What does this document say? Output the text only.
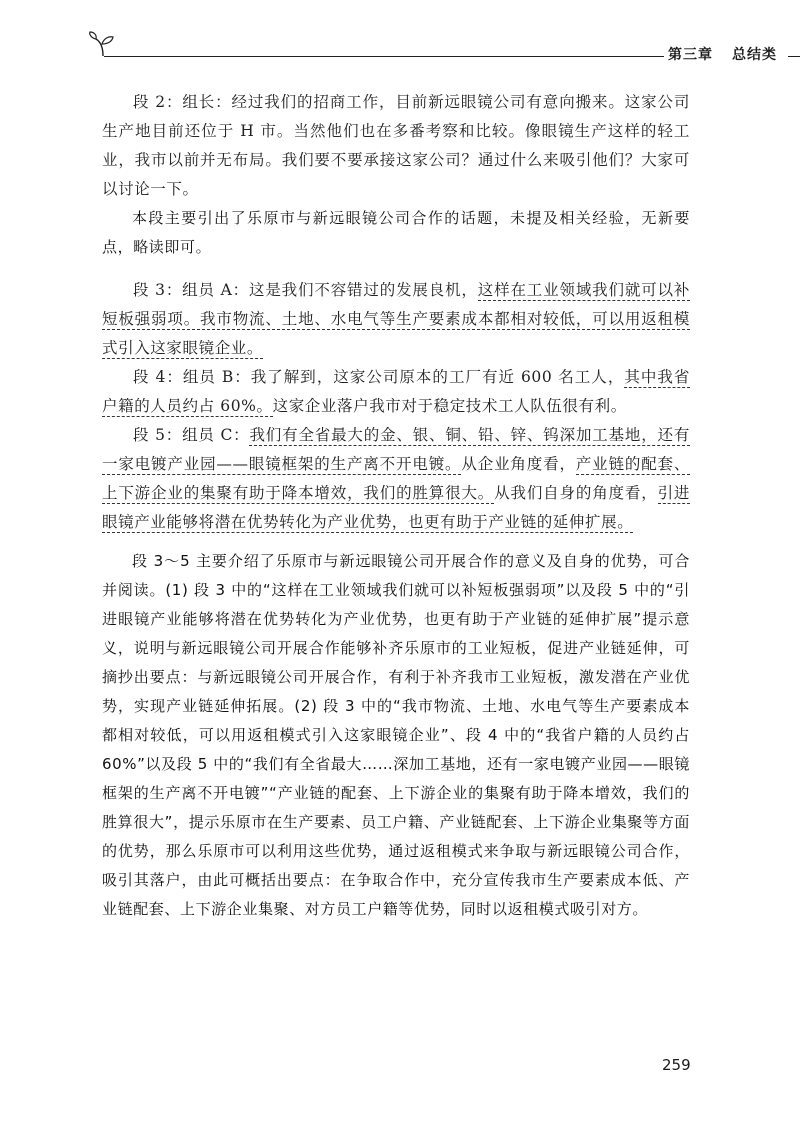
第三章 总结类

段 2：组长：经过我们的招商工作，目前新远眼镜公司有意向搬来。这家公司生产地目前还位于 H 市。当然他们也在多番考察和比较。像眼镜生产这样的轻工业，我市以前并无布局。我们要不要承接这家公司？通过什么来吸引他们？大家可以讨论一下。

本段主要引出了乐原市与新远眼镜公司合作的话题，未提及相关经验，无新要点，略读即可。

段 3：组员 A：这是我们不容错过的发展良机，这样在工业领域我们就可以补短板强弱项。我市物流、土地、水电气等生产要素成本都相对较低，可以用返租模式引入这家眼镜企业。

段 4：组员 B：我了解到，这家公司原本的工厂有近 600 名工人，其中我省户籍的人员约占 60%。这家企业落户我市对于稳定技术工人队伍很有利。

段 5：组员 C：我们有全省最大的金、银、铜、铅、锌、钨深加工基地，还有一家电镀产业园——眼镜框架的生产离不开电镀。从企业角度看，产业链的配套、上下游企业的集聚有助于降本增效，我们的胜算很大。从我们自身的角度看，引进眼镜产业能够将潜在优势转化为产业优势，也更有助于产业链的延伸扩展。

段 3～5 主要介绍了乐原市与新远眼镜公司开展合作的意义及自身的优势，可合并阅读。(1) 段 3 中的“这样在工业领域我们就可以补短板强弱项”以及段 5 中的“引进眼镜产业能够将潜在优势转化为产业优势，也更有助于产业链的延伸扩展”提示意义，说明与新远眼镜公司开展合作能够补齐乐原市的工业短板，促进产业链延伸，可摘抄出要点：与新远眼镜公司开展合作，有利于补齐我市工业短板，激发潜在产业优势，实现产业链延伸拓展。(2) 段 3 中的“我市物流、土地、水电气等生产要素成本都相对较低，可以用返租模式引入这家眼镜企业”、段 4 中的“我省户籍的人员约占 60%”以及段 5 中的“我们有全省最大……深加工基地，还有一家电镀产业园——眼镜框架的生产离不开电镀”“产业链的配套、上下游企业的集聚有助于降本增效，我们的胜算很大”，提示乐原市在生产要素、员工户籍、产业链配套、上下游企业集聚等方面的优势，那么乐原市可以利用这些优势，通过返租模式来争取与新远眼镜公司合作，吸引其落户，由此可概括出要点：在争取合作中，充分宣传我市生产要素成本低、产业链配套、上下游企业集聚、对方员工户籍等优势，同时以返租模式吸引对方。

259
